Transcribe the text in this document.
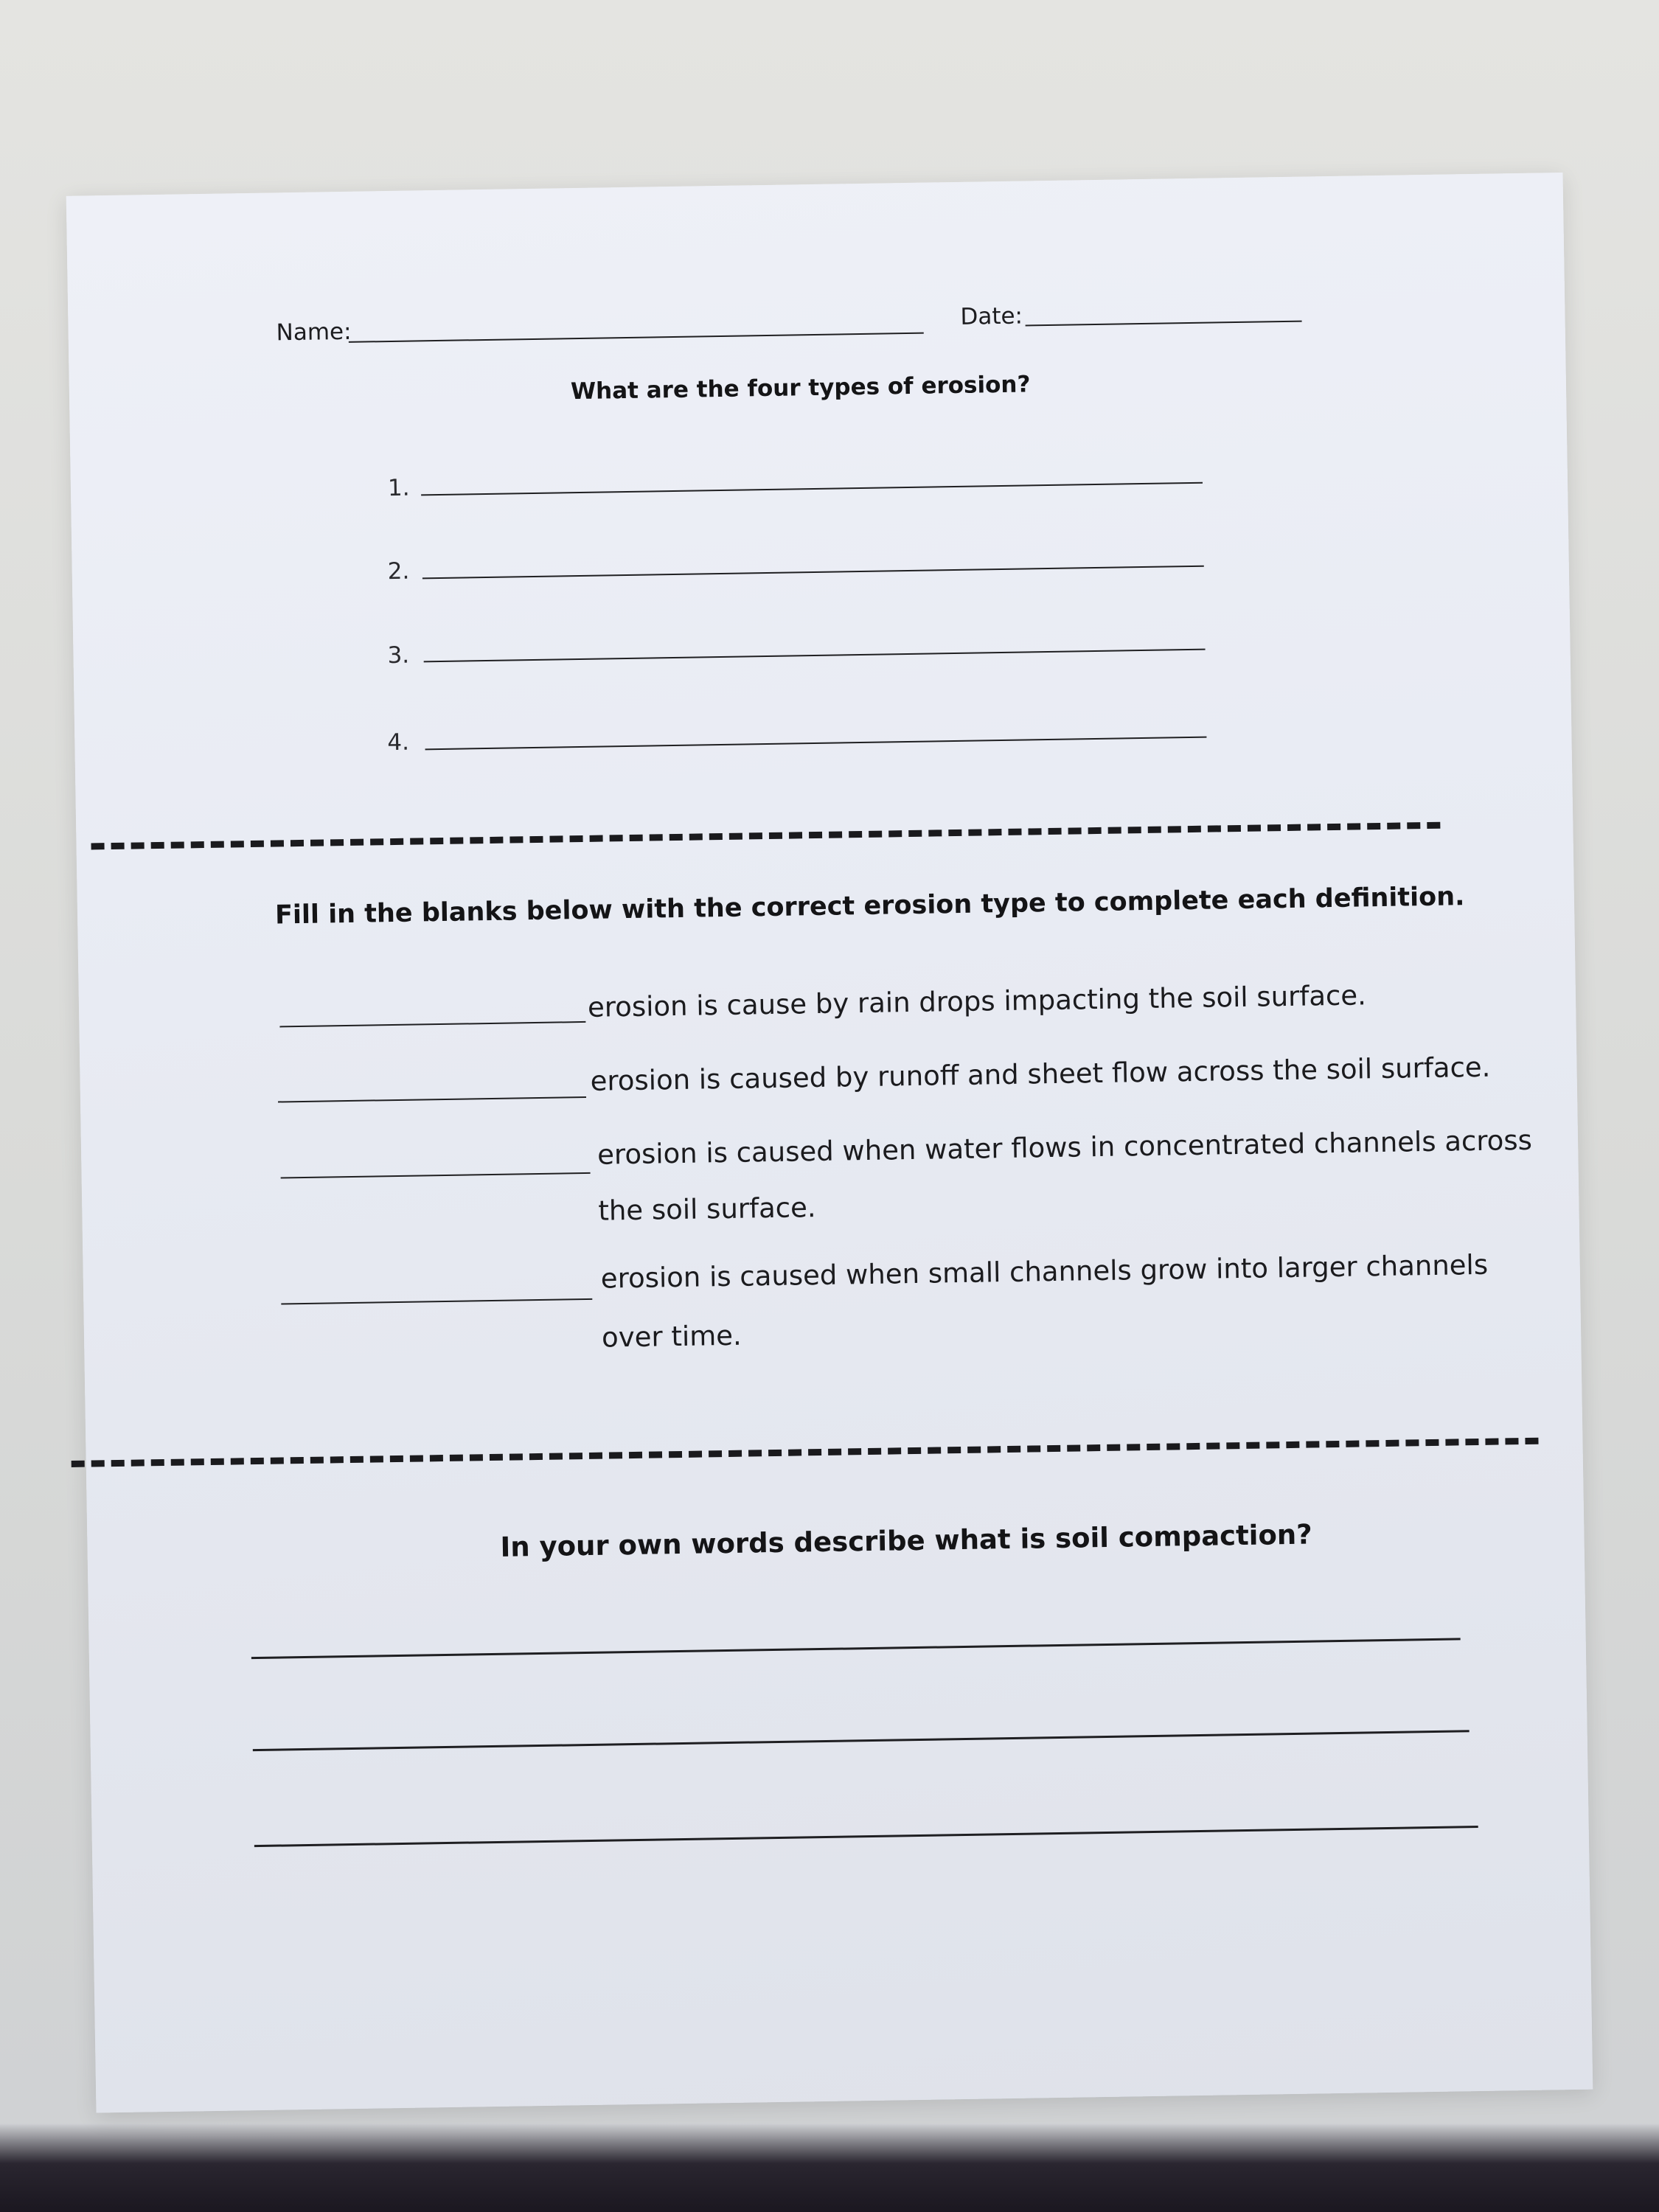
Name:
Date:
What are the four types of erosion?
1.
2.
3.
4.
Fill in the blanks below with the correct erosion type to complete each definition.
erosion is cause by rain drops impacting the soil surface.
erosion is caused by runoff and sheet flow across the soil surface.
erosion is caused when water flows in concentrated channels across
the soil surface.
erosion is caused when small channels grow into larger channels
over time.
In your own words describe what is soil compaction?
